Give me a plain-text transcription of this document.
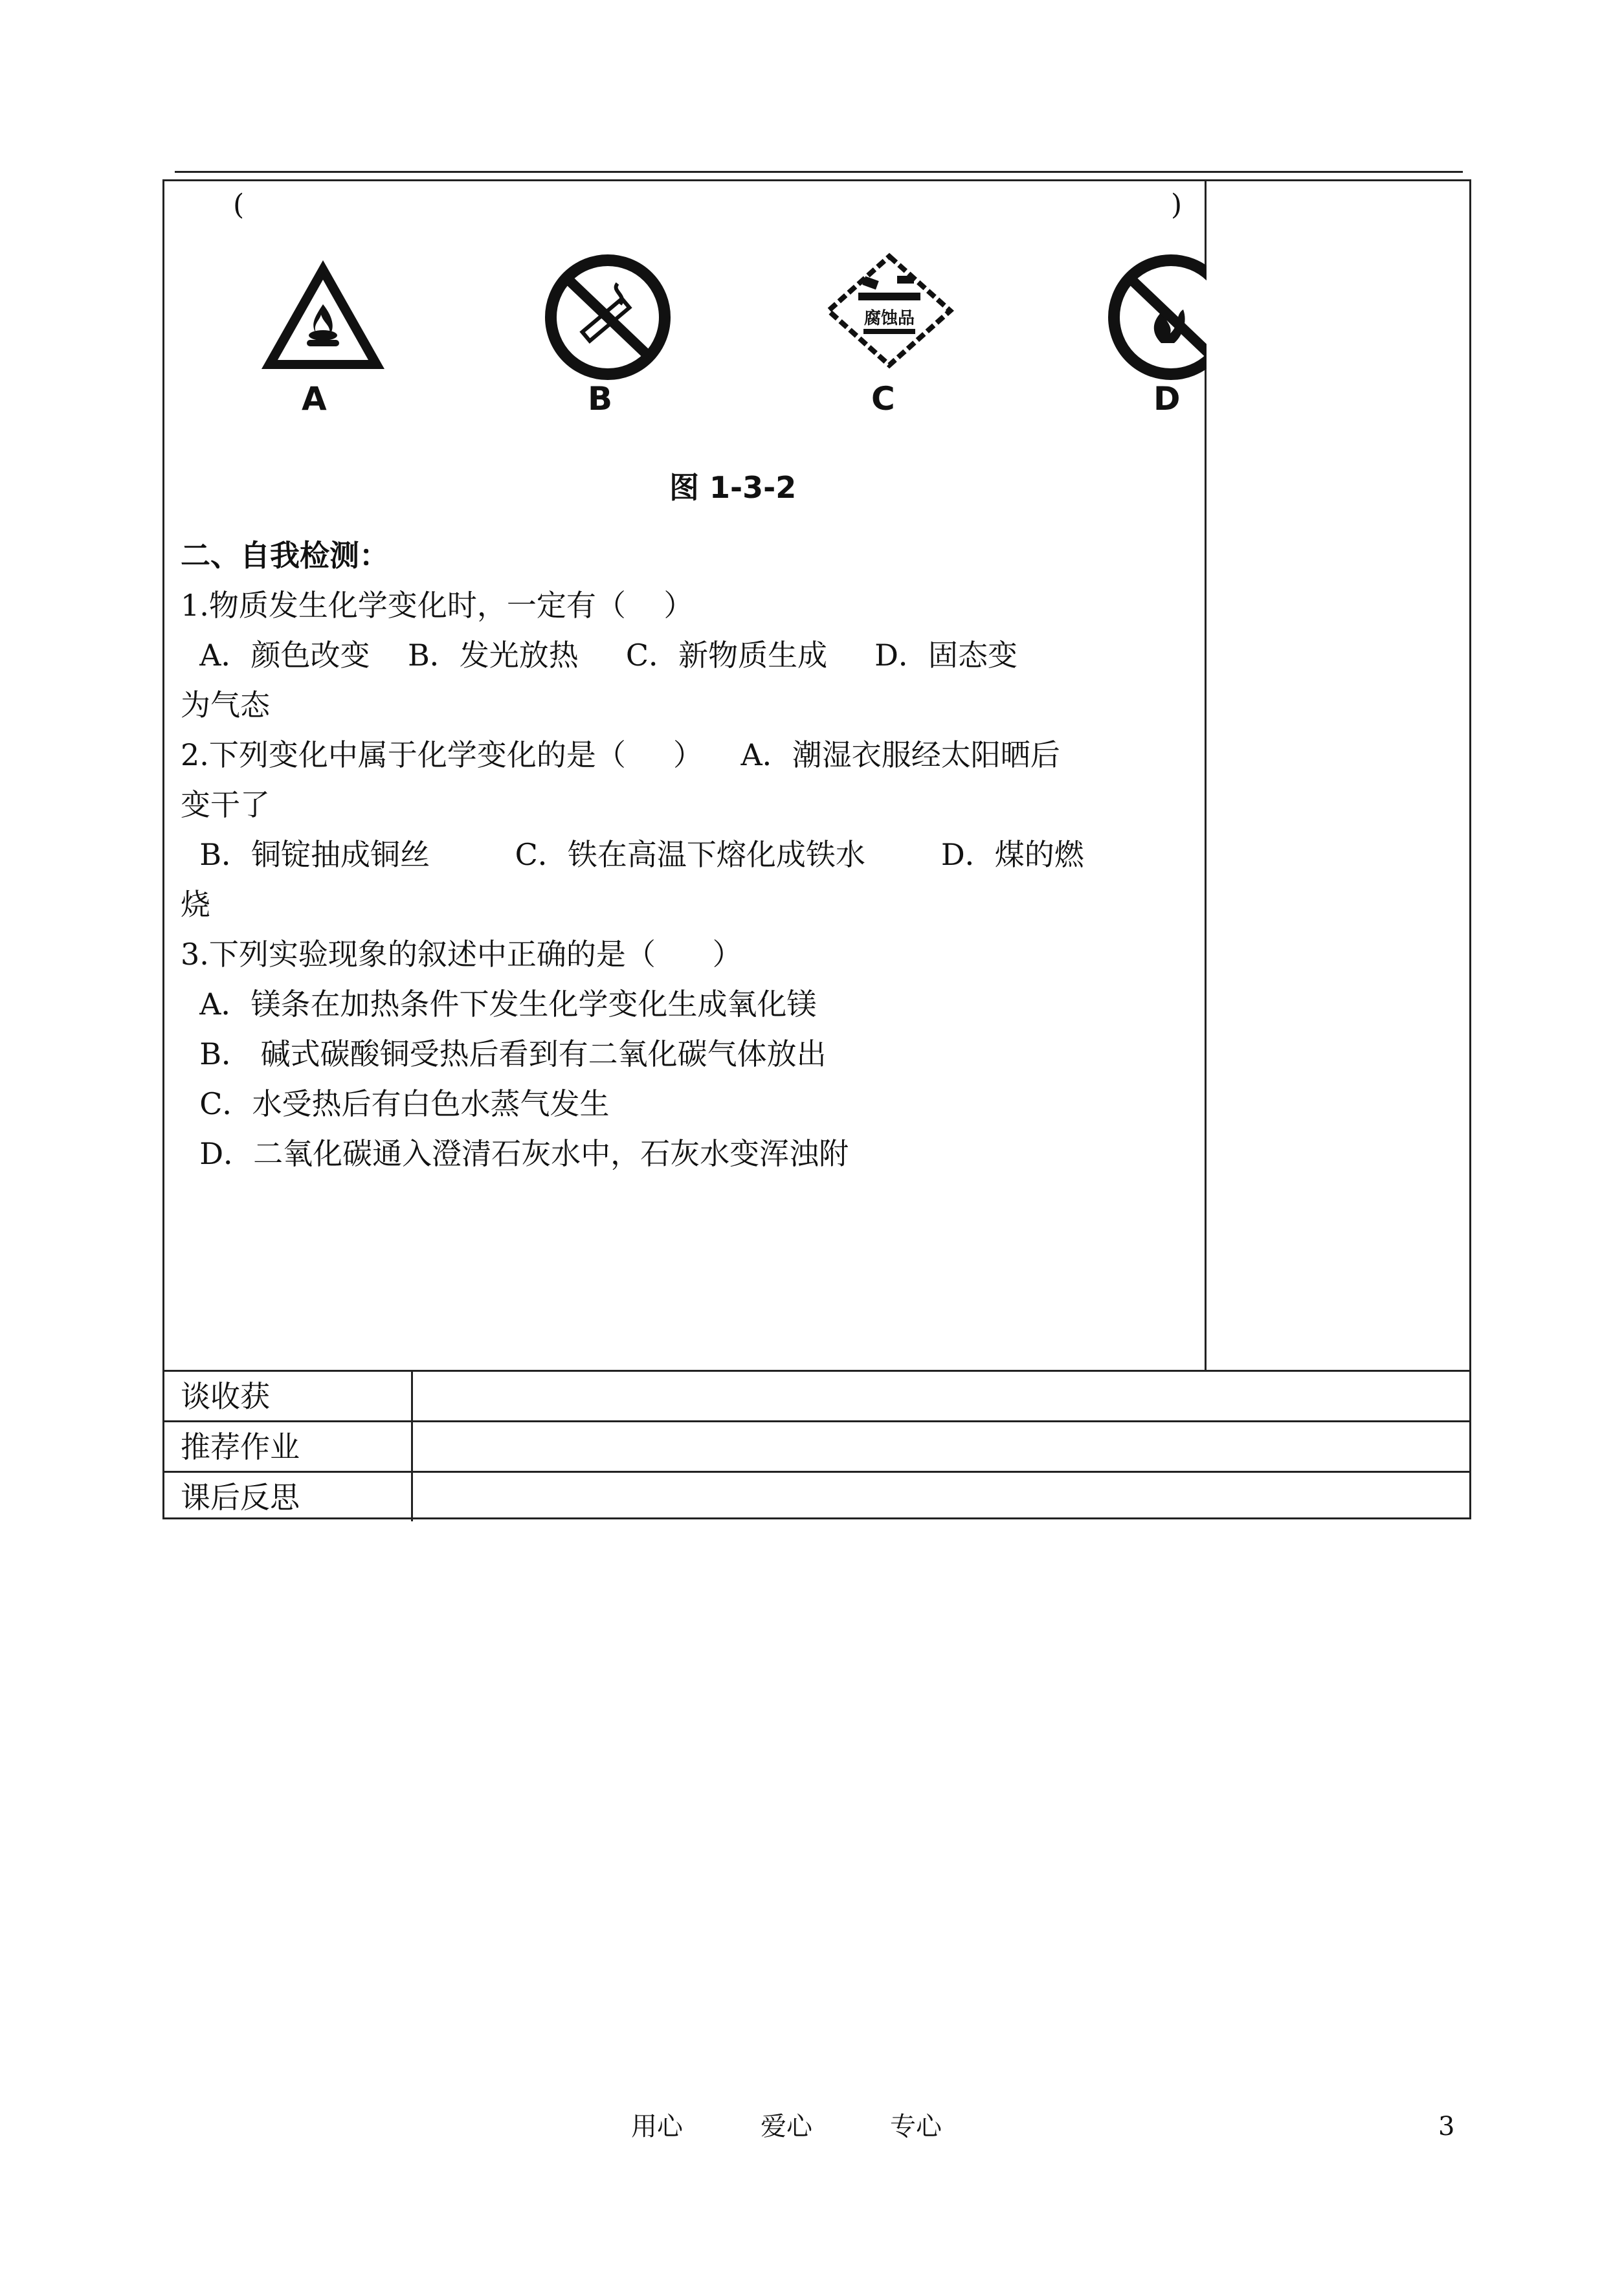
(	)
A	B
腐蚀品
C	D
图 1-3-2
二、自我检测：
1.物质发生化学变化时，一定有（    ）
A．颜色改变    B．发光放热     C．新物质生成     D．固态变
为气态
2.下列变化中属于化学变化的是（     ）    A．潮湿衣服经太阳晒后
变干了
B．铜锭抽成铜丝         C．铁在高温下熔化成铁水        D．煤的燃
烧
3.下列实验现象的叙述中正确的是（      ）
A．镁条在加热条件下发生化学变化生成氧化镁
B． 碱式碳酸铜受热后看到有二氧化碳气体放出
C．水受热后有白色水蒸气发生
D．二氧化碳通入澄清石灰水中，石灰水变浑浊附
谈收获
推荐作业
课后反思
用心	爱心	专心	3
